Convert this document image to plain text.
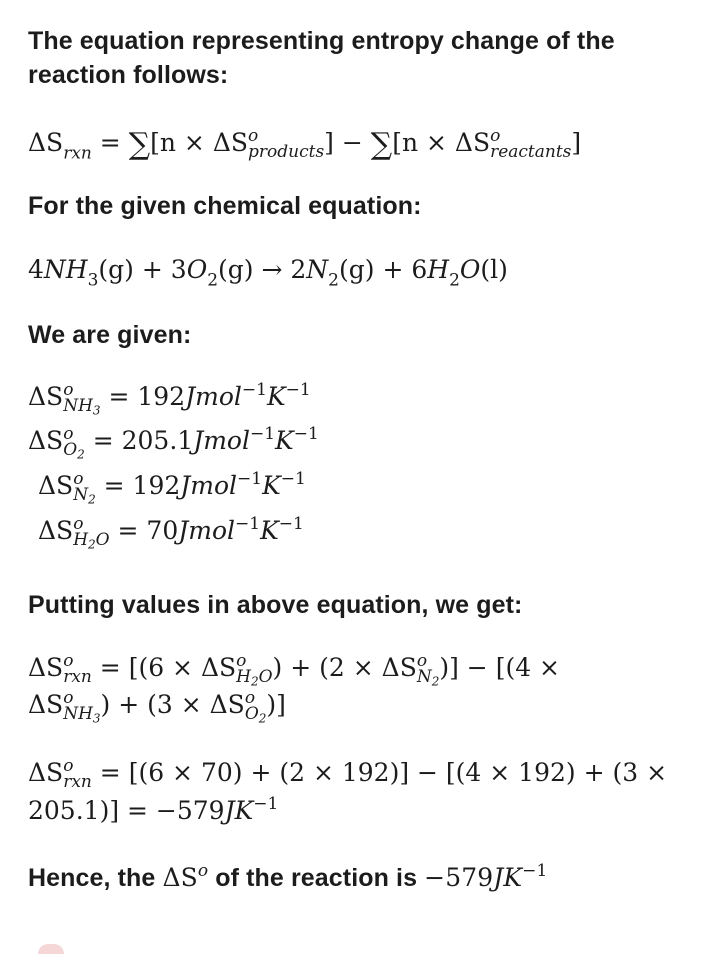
The equation representing entropy change of the
reaction follows:
$\Delta S_{rxn} = \sum[n \times \Delta S$ o
products ] − ∑[n × ΔS o
reactants ]
For the given chemical equation:
$4NH_3(g) + 3O_2(g) \to 2N_2(g) + 6H_2O(l)$
We are given:
ΔS o
$NH_3$ = $192Jmol^{-1}K^{-1}$
ΔS o
$O_2$ = $205.1Jmol^{-1}K^{-1}$
ΔS o
$N_2$ = $192Jmol^{-1}K^{-1}$
ΔS o
$H_2O$ = $70Jmol^{-1}K^{-1}$
Putting values in above equation, we get:
ΔS o
rxn = [(6 × ΔS o
$H_2O$ ) + (2 × ΔS o
$N_2$ )] − [(4 ×
ΔS o
$NH_3$ ) + (3 × ΔS o
$O_2$ )]
ΔS o
rxn = [(6 × 70) + (2 × 192)] − [(4 × 192) + (3 ×
$205.1)] = -579JK^{-1}$
Hence, the $\Delta S^o$ of the reaction is $-579JK^{-1}$
